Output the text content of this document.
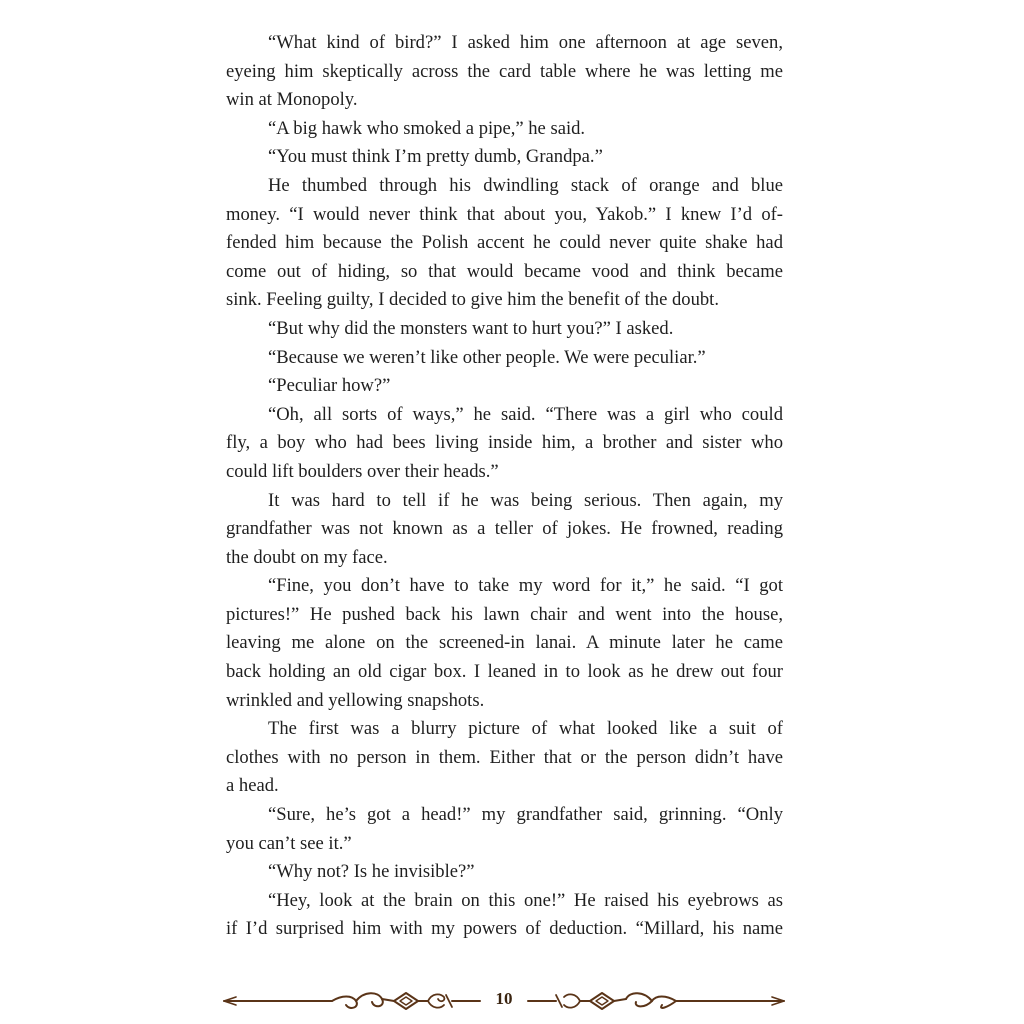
“What kind of bird?” I asked him one afternoon at age seven,
eyeing him skeptically across the card table where he was letting me
win at Monopoly.

“A big hawk who smoked a pipe,” he said.

“You must think I’m pretty dumb, Grandpa.”

He thumbed through his dwindling stack of orange and blue
money. “I would never think that about you, Yakob.” I knew I’d of-
fended him because the Polish accent he could never quite shake had
come out of hiding, so that would became vood and think became
sink. Feeling guilty, I decided to give him the benefit of the doubt.

“But why did the monsters want to hurt you?” I asked.

“Because we weren’t like other people. We were peculiar.”

“Peculiar how?”

“Oh, all sorts of ways,” he said. “There was a girl who could
fly, a boy who had bees living inside him, a brother and sister who
could lift boulders over their heads.”

It was hard to tell if he was being serious. Then again, my
grandfather was not known as a teller of jokes. He frowned, reading
the doubt on my face.

“Fine, you don’t have to take my word for it,” he said. “I got
pictures!” He pushed back his lawn chair and went into the house,
leaving me alone on the screened-in lanai. A minute later he came
back holding an old cigar box. I leaned in to look as he drew out four
wrinkled and yellowing snapshots.

The first was a blurry picture of what looked like a suit of
clothes with no person in them. Either that or the person didn’t have
a head.

“Sure, he’s got a head!” my grandfather said, grinning. “Only
you can’t see it.”

“Why not? Is he invisible?”

“Hey, look at the brain on this one!” He raised his eyebrows as
if I’d surprised him with my powers of deduction. “Millard, his name

10
